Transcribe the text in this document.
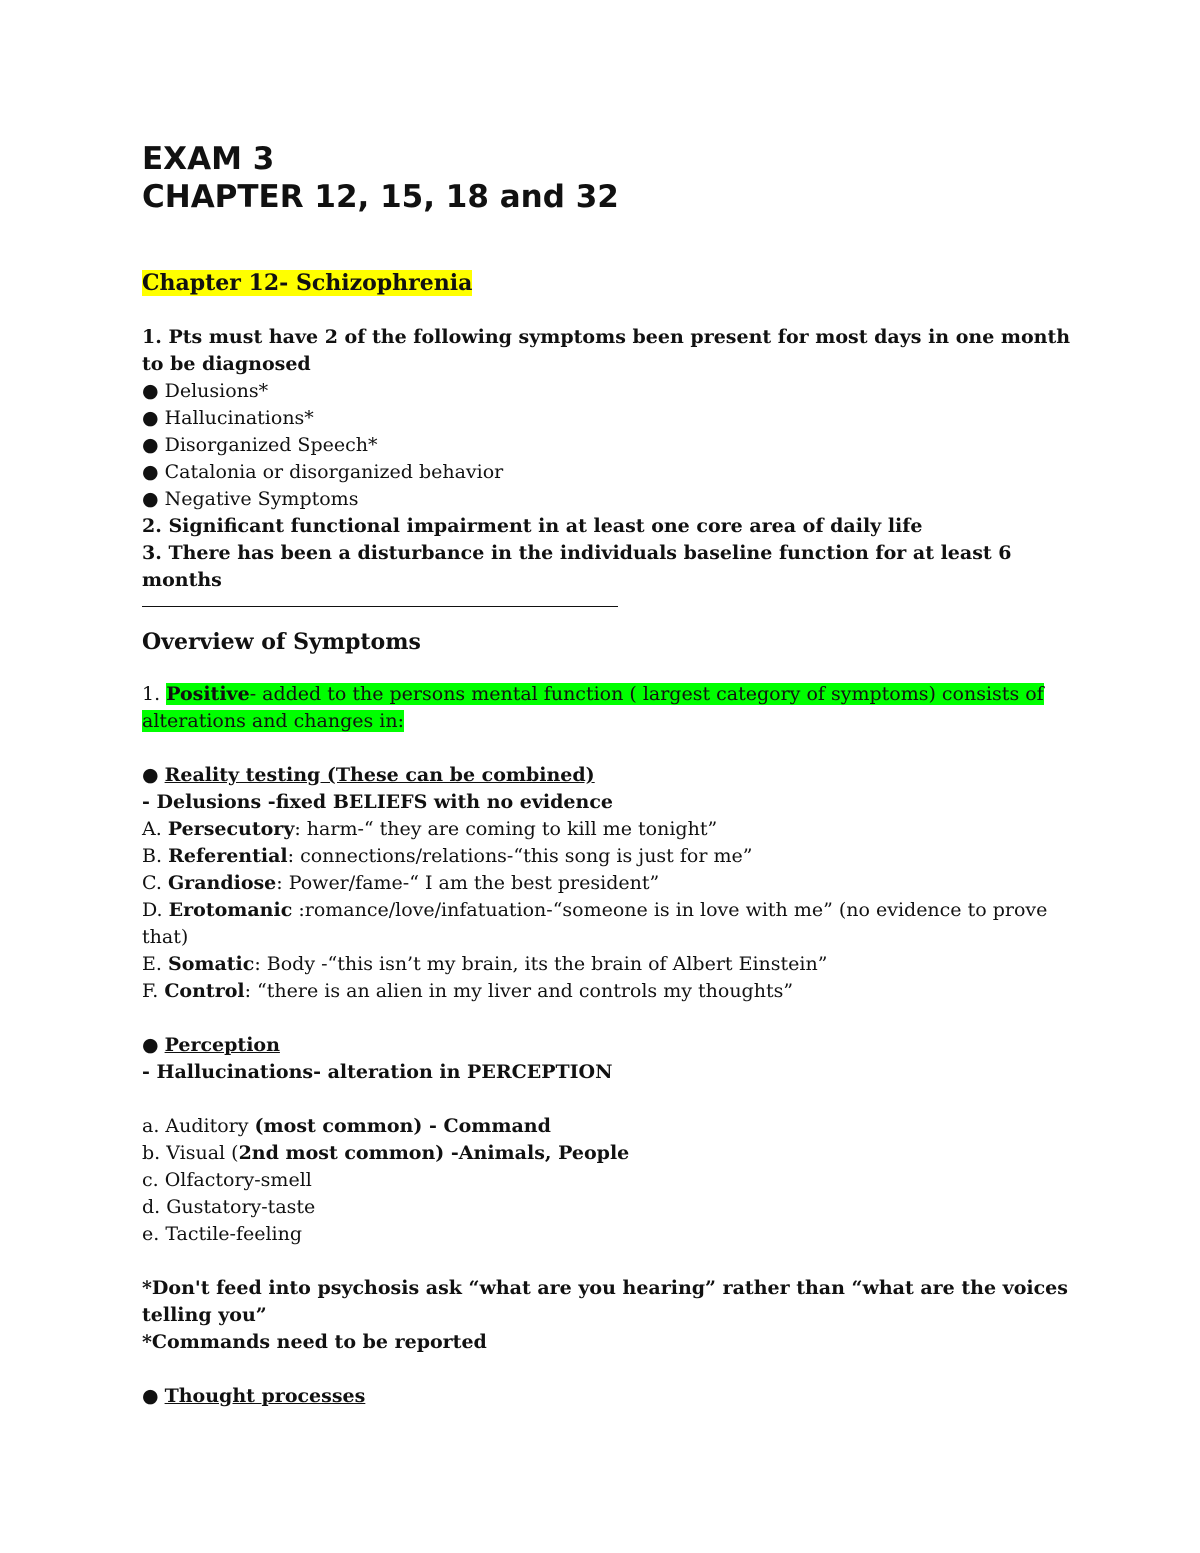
EXAM 3
CHAPTER 12, 15, 18 and 32

Chapter 12- Schizophrenia

1. Pts must have 2 of the following symptoms been present for most days in one month to be diagnosed

● Delusions*

● Hallucinations*

● Disorganized Speech*

● Catalonia or disorganized behavior

● Negative Symptoms

2. Significant functional impairment in at least one core area of daily life

3. There has been a disturbance in the individuals baseline function for at least 6 months

Overview of Symptoms

1. Positive- added to the persons mental function ( largest category of symptoms) consists of alterations and changes in:

● Reality testing (These can be combined)

- Delusions -fixed BELIEFS with no evidence

A. Persecutory: harm-“ they are coming to kill me tonight”

B. Referential: connections/relations-“this song is just for me”

C. Grandiose: Power/fame-“ I am the best president”

D. Erotomanic :romance/love/infatuation-“someone is in love with me” (no evidence to prove that)

E. Somatic: Body -“this isn’t my brain, its the brain of Albert Einstein”

F. Control: “there is an alien in my liver and controls my thoughts”

● Perception

- Hallucinations- alteration in PERCEPTION

a. Auditory (most common) - Command

b. Visual (2nd most common) -Animals, People

c. Olfactory-smell

d. Gustatory-taste

e. Tactile-feeling

*Don't feed into psychosis ask “what are you hearing” rather than “what are the voices telling you”

*Commands need to be reported

● Thought processes
